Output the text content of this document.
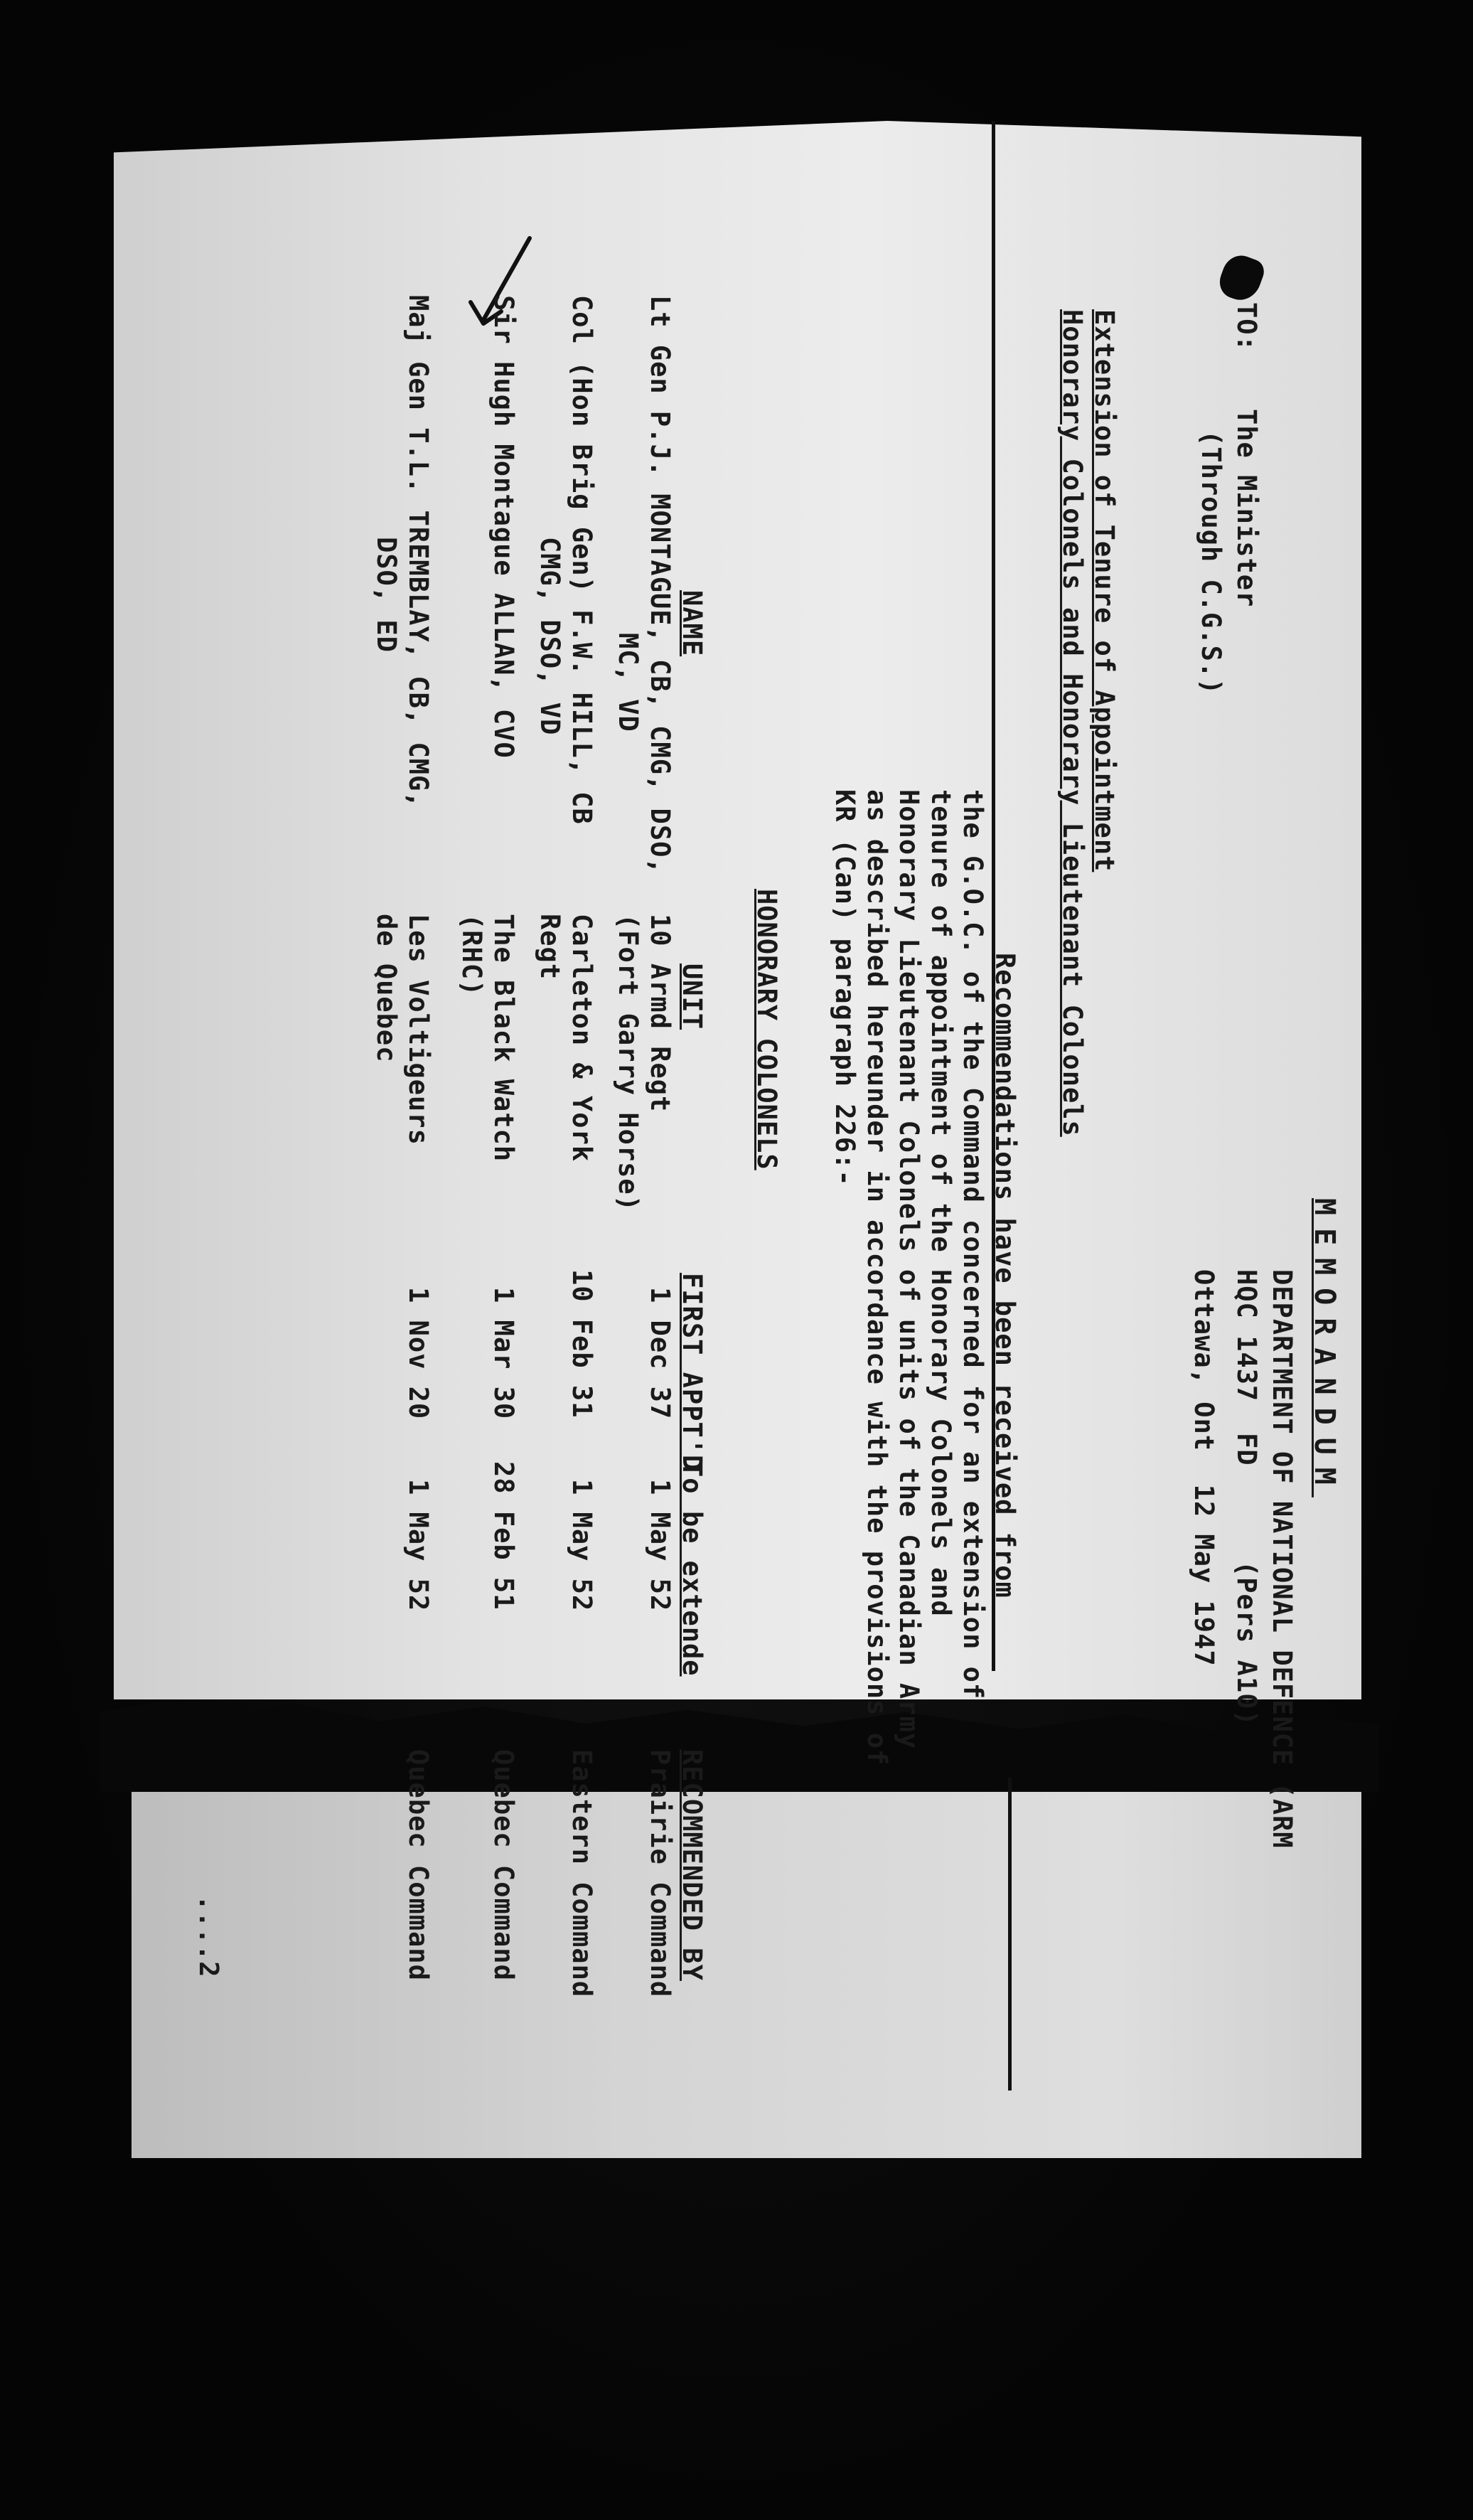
MEMORANDUM
DEPARTMENT OF NATIONAL DEFENCE (ARM
HQC 1437
FD
(Pers A10)
Ottawa, Ont  12 May 1947
TO:
The Minister
(Through C.G.S.)
Extension of Tenure of Appointment
Honorary Colonels and Honorary Lieutenant Colonels
Recommendations have been received from
the G.O.C. of the Command concerned for an extension of
tenure of appointment of the Honorary Colonels and
Honorary Lieutenant Colonels of units of the Canadian Army
as described hereunder in accordance with the provisions of
KR (Can) paragraph 226:-
HONORARY COLONELS
NAME
UNIT
FIRST APPT'D
To be extende
RECOMMENDED BY
Lt Gen P.J. MONTAGUE, CB, CMG, DSO,
MC, VD
10 Armd Regt
(Fort Garry Horse)
1 Dec 37
1 May 52
Prairie Command
Col (Hon Brig Gen) F.W. HILL, CB
CMG, DSO, VD
Carleton & York
Regt
10 Feb 31
1 May 52
Eastern Command
Sir Hugh Montague ALLAN, CVO
The Black Watch
(RHC)
1 Mar 30
28 Feb 51
Quebec Command
Maj Gen T.L. TREMBLAY, CB, CMG,
DSO, ED
Les Voltigeurs
de Quebec
1 Nov 20
1 May 52
Quebec Command
....2
